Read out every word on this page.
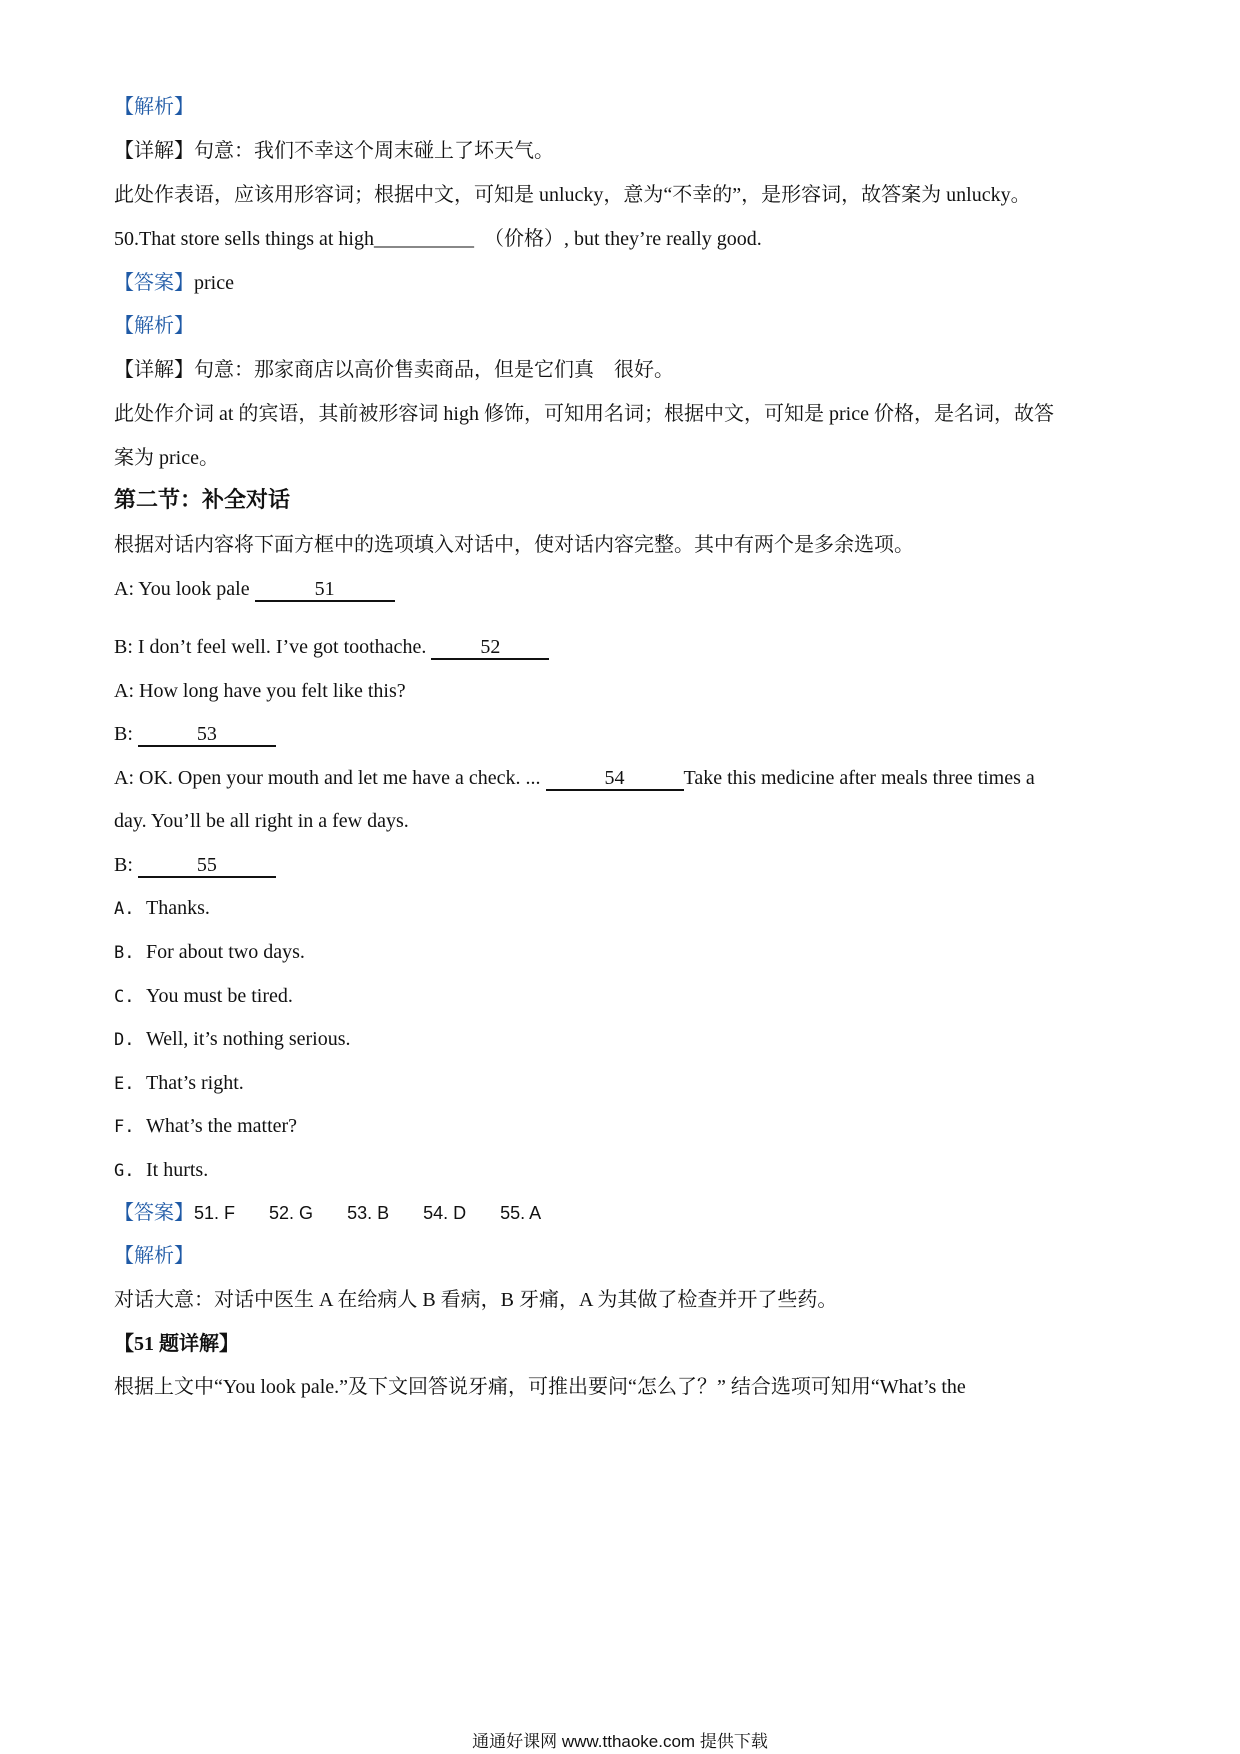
【解析】
【详解】句意：我们不幸这个周末碰上了坏天气。
此处作表语，应该用形容词；根据中文，可知是 unlucky，意为“不幸的”，是形容词，故答案为 unlucky。
50.That store sells things at high__________ （价格）, but they’re really good.
【答案】price
【解析】
【详解】句意：那家商店以高价售卖商品，但是它们真　很好。
此处作介词 at 的宾语，其前被形容词 high 修饰，可知用名词；根据中文，可知是 price 价格，是名词，故答
案为 price。
第二节：补全对话
根据对话内容将下面方框中的选项填入对话中，使对话内容完整。其中有两个是多余选项。
A: You look pale	51
B: I don’t feel well. I’ve got toothache. 52
A: How long have you felt like this?
B:	53
A: OK. Open your mouth and let me have a check. ...	54	Take this medicine after meals three times a
day. You’ll be all right in a few days.
B:	55
A. Thanks.
B. For about two days.
C. You must be tired.
D. Well, it’s nothing serious.
E. That’s right.
F. What’s the matter?
G. It hurts.
【答案】51. F 52. G 53. B 54. D 55. A
【解析】
对话大意：对话中医生 A 在给病人 B 看病，B 牙痛，A 为其做了检查并开了些药。
【51 题详解】
根据上文中“You look pale.”及下文回答说牙痛，可推出要问“怎么了？” 结合选项可知用“What’s the
通通好课网 www.tthaoke.com 提供下载
